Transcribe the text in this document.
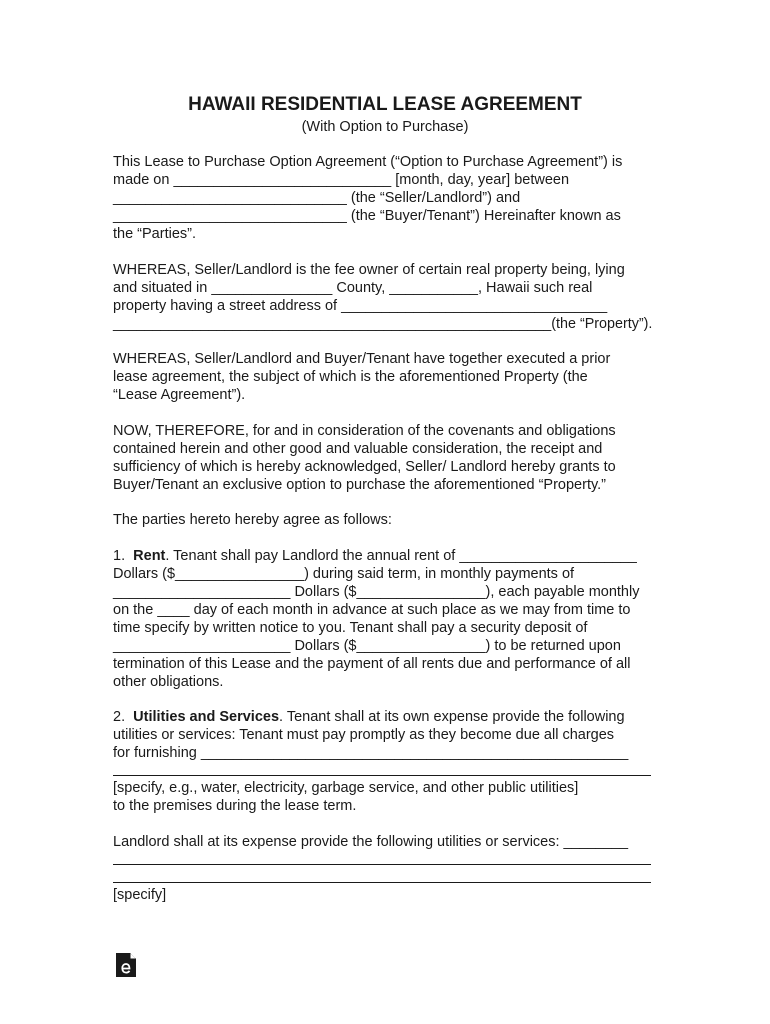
HAWAII RESIDENTIAL LEASE AGREEMENT

(With Option to Purchase)

This Lease to Purchase Option Agreement (“Option to Purchase Agreement”) is

made on ___________________________ [month, day, year] between

_____________________________ (the “Seller/Landlord”) and

_____________________________ (the “Buyer/Tenant”) Hereinafter known as

the “Parties”.

WHEREAS, Seller/Landlord is the fee owner of certain real property being, lying

and situated in _______________ County, ___________, Hawaii such real

property having a street address of _________________________________

_______________________________________________________(the “Property”).

WHEREAS, Seller/Landlord and Buyer/Tenant have together executed a prior

lease agreement, the subject of which is the aforementioned Property (the

“Lease Agreement”).

NOW, THEREFORE, for and in consideration of the covenants and obligations

contained herein and other good and valuable consideration, the receipt and

sufficiency of which is hereby acknowledged, Seller/ Landlord hereby grants to

Buyer/Tenant an exclusive option to purchase the aforementioned “Property.”

The parties hereto hereby agree as follows:

1. Rent. Tenant shall pay Landlord the annual rent of ______________________

Dollars ($________________) during said term, in monthly payments of

______________________ Dollars ($________________), each payable monthly

on the ____ day of each month in advance at such place as we may from time to

time specify by written notice to you. Tenant shall pay a security deposit of

______________________ Dollars ($________________) to be returned upon

termination of this Lease and the payment of all rents due and performance of all

other obligations.

2. Utilities and Services. Tenant shall at its own expense provide the following

utilities or services: Tenant must pay promptly as they become due all charges

for furnishing _____________________________________________________

[specify, e.g., water, electricity, garbage service, and other public utilities]

to the premises during the lease term.

Landlord shall at its expense provide the following utilities or services: ________

[specify]
